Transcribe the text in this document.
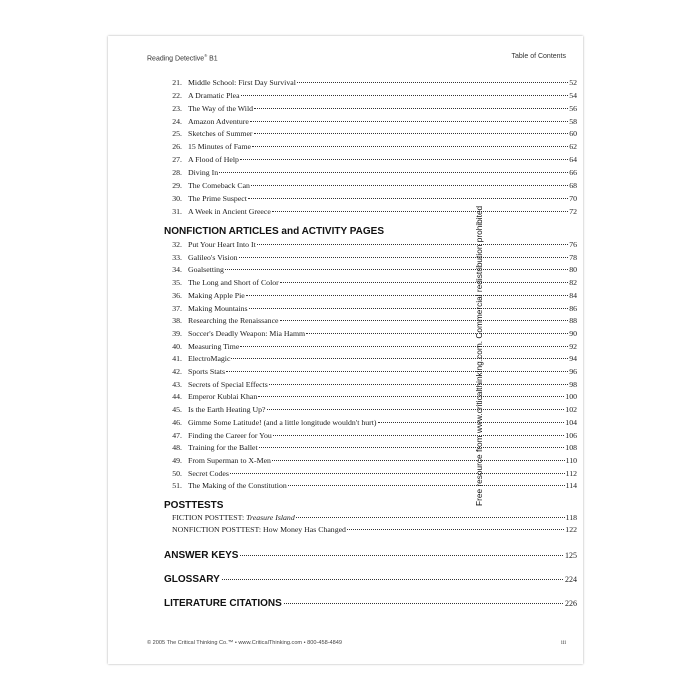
Reading Detective® B1	Table of Contents
21. Middle School: First Day Survival	52
22. A Dramatic Plea	54
23. The Way of the Wild	56
24. Amazon Adventure	58
25. Sketches of Summer	60
26. 15 Minutes of Fame	62
27. A Flood of Help	64
28. Diving In	66
29. The Comeback Can	68
30. The Prime Suspect	70
31. A Week in Ancient Greece	72
NONFICTION ARTICLES and ACTIVITY PAGES
32. Put Your Heart Into It	76
33. Galileo's Vision	78
34. Goalsetting	80
35. The Long and Short of Color	82
36. Making Apple Pie	84
37. Making Mountains	86
38. Researching the Renaissance	88
39. Soccer's Deadly Weapon: Mia Hamm	90
40. Measuring Time	92
41. ElectroMagic	94
42. Sports Stats	96
43. Secrets of Special Effects	98
44. Emperor Kublai Khan	100
45. Is the Earth Heating Up?	102
46. Gimme Some Latitude! (and a little longitude wouldn't hurt)	104
47. Finding the Career for You	106
48. Training for the Ballet	108
49. From Superman to X-Men	110
50. Secret Codes	112
51. The Making of the Constitution	114
POSTTESTS
FICTION POSTTEST: Treasure Island	118
NONFICTION POSTTEST: How Money Has Changed	122
ANSWER KEYS	125
GLOSSARY	224
LITERATURE CITATIONS	226
© 2005 The Critical Thinking Co.™ • www.CriticalThinking.com • 800-458-4849	iii
Free resource from www.criticalthinking.com. Commercial redistribution prohibited
